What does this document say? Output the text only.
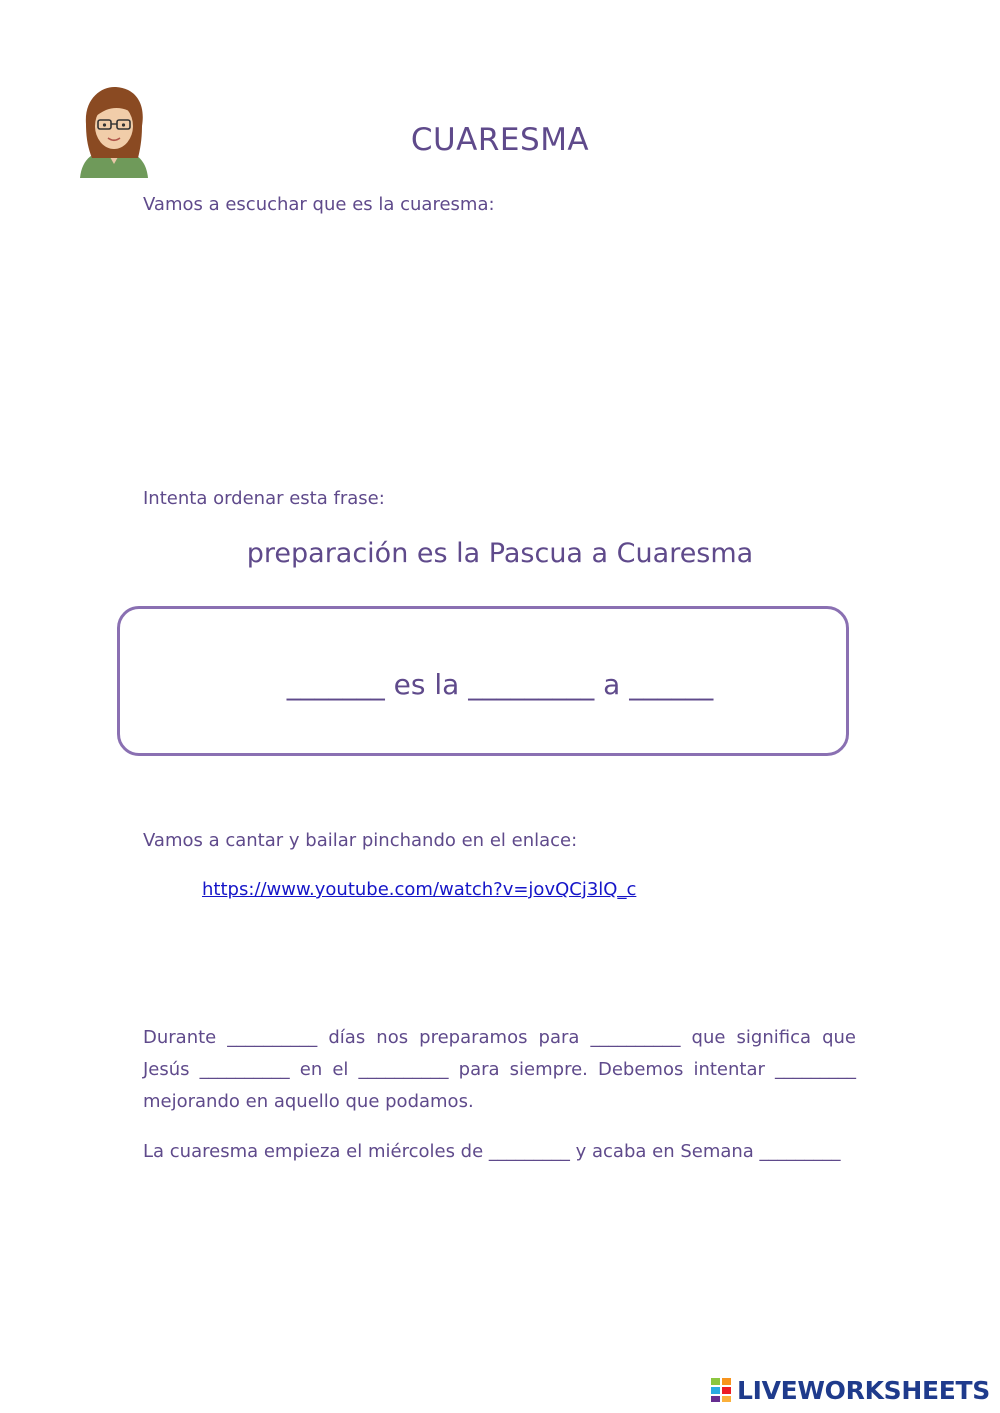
CUARESMA
Vamos a escuchar que es la cuaresma:
Intenta ordenar esta frase:
preparación es la Pascua a Cuaresma
_______ es la _________ a ______
Vamos a cantar y bailar pinchando en el enlace:
https://www.youtube.com/watch?v=jovQCj3lQ_c
Durante __________ días nos preparamos para __________ que significa que Jesús __________ en el __________ para siempre. Debemos intentar _________ mejorando en aquello que podamos.
La cuaresma empieza el miércoles de _________ y acaba en Semana _________
LIVEWORKSHEETS
